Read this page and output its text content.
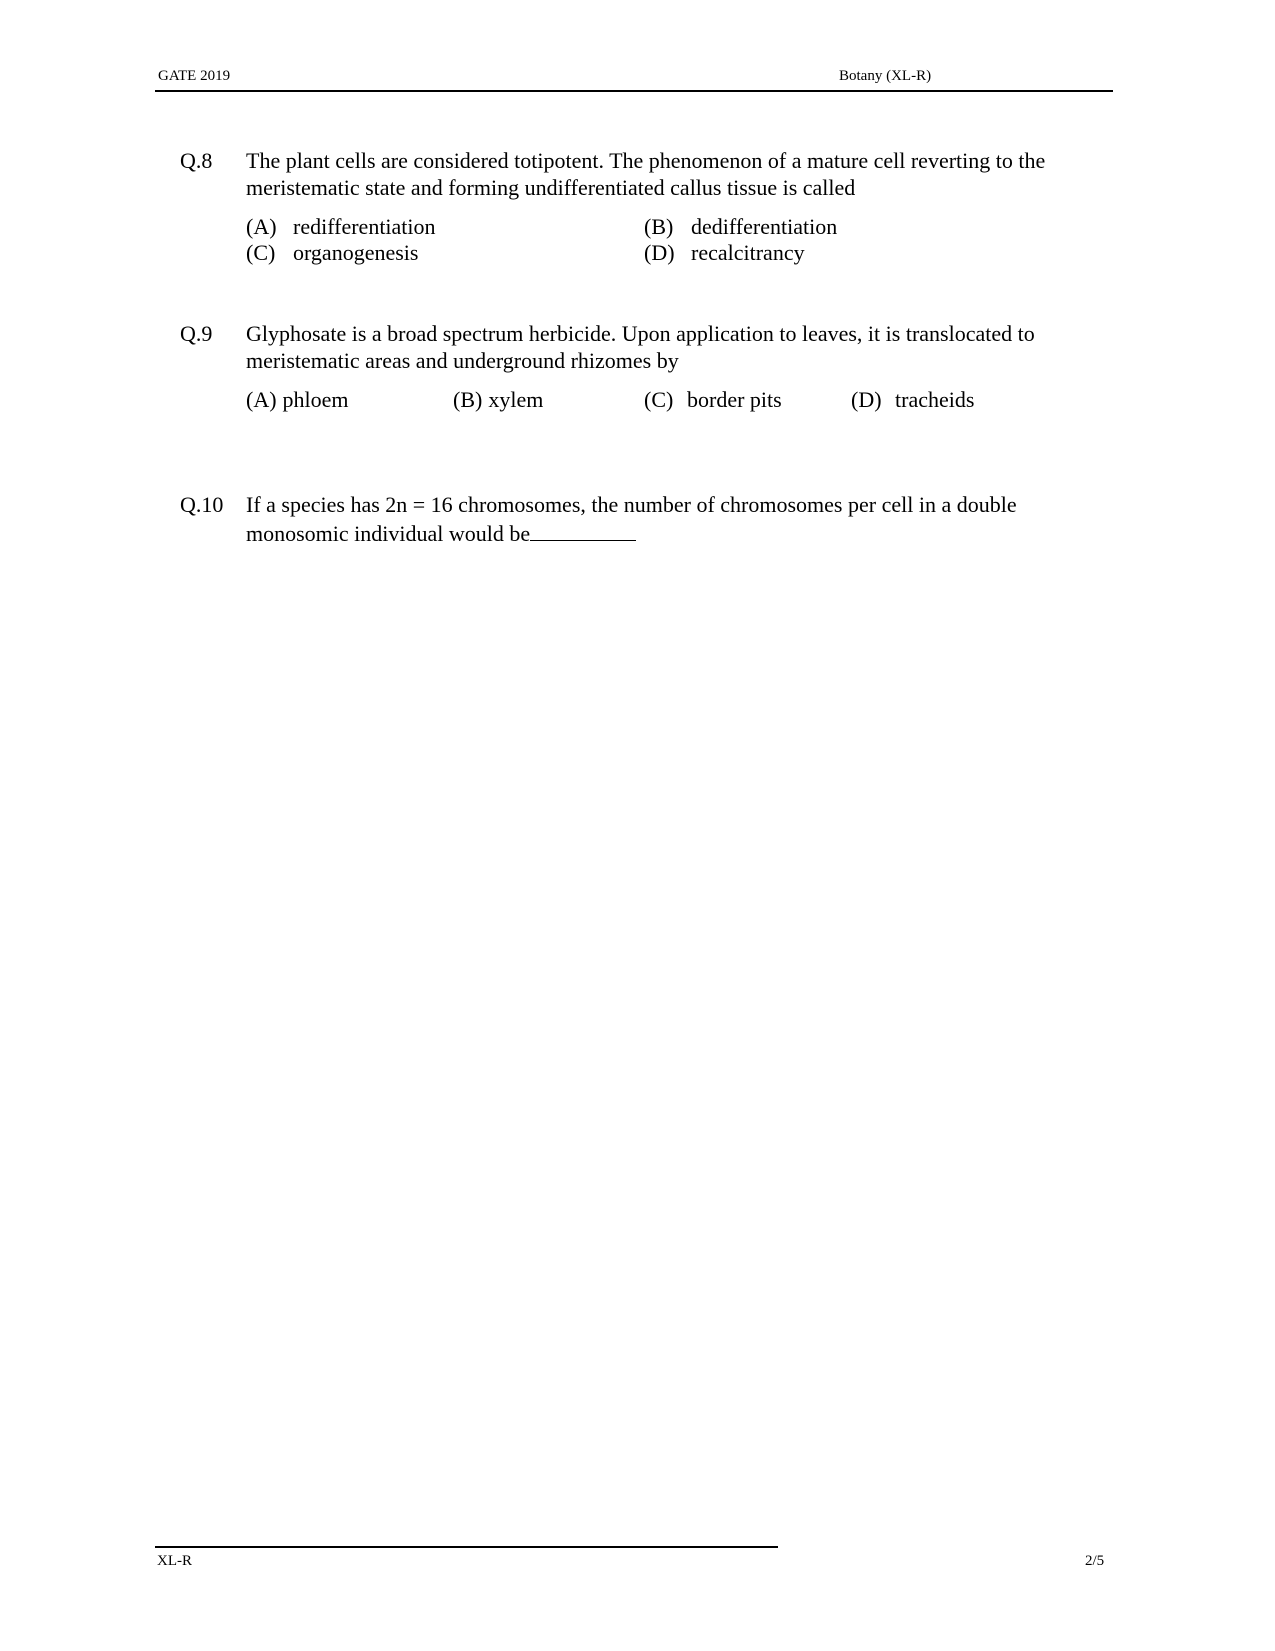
GATE 2019	Botany (XL-R)
Q.8 The plant cells are considered totipotent. The phenomenon of a mature cell reverting to the
meristematic state and forming undifferentiated callus tissue is called
(A) redifferentiation	(B) dedifferentiation
(C) organogenesis	(D) recalcitrancy
Q.9 Glyphosate is a broad spectrum herbicide. Upon application to leaves, it is translocated to
meristematic areas and underground rhizomes by
(A) phloem	(B) xylem	(C) border pits	(D) tracheids
Q.10 If a species has 2n = 16 chromosomes, the number of chromosomes per cell in a double
monosomic individual would be
XL-R	2/5
